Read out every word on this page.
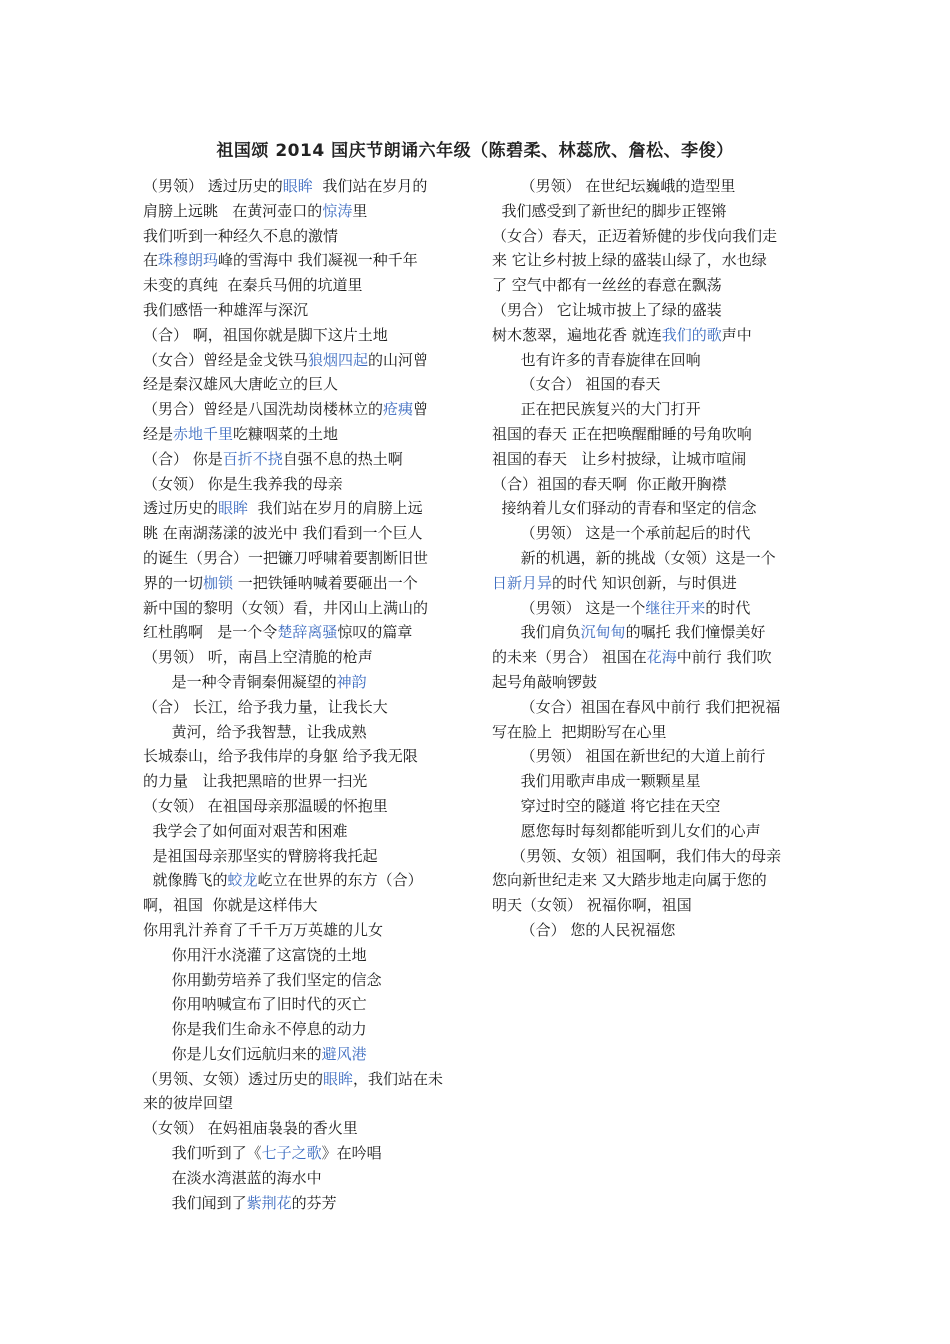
祖国颂 2014 国庆节朗诵六年级（陈碧柔、林蕊欣、詹松、李俊）
（男领） 透过历史的眼眸  我们站在岁月的
肩膀上远眺   在黄河壶口的惊涛里
我们听到一种经久不息的激情
在珠穆朗玛峰的雪海中 我们凝视一种千年
未变的真纯  在秦兵马佣的坑道里
我们感悟一种雄浑与深沉
（合） 啊，祖国你就是脚下这片土地
（女合）曾经是金戈铁马狼烟四起的山河曾
经是秦汉雄风大唐屹立的巨人
（男合）曾经是八国洗劫岗楼林立的疮痍曾
经是赤地千里吃糠咽菜的土地
（合） 你是百折不挠自强不息的热土啊
（女领） 你是生我养我的母亲
透过历史的眼眸  我们站在岁月的肩膀上远
眺 在南湖荡漾的波光中 我们看到一个巨人
的诞生（男合）一把镰刀呼啸着要割断旧世
界的一切枷锁 一把铁锤呐喊着要砸出一个
新中国的黎明（女领）看，井冈山上满山的
红杜鹃啊   是一个令楚辞离骚惊叹的篇章
（男领） 听，南昌上空清脆的枪声
是一种令青铜秦佣凝望的神韵
（合） 长江，给予我力量，让我长大
黄河，给予我智慧，让我成熟
长城泰山，给予我伟岸的身躯 给予我无限
的力量   让我把黑暗的世界一扫光
（女领） 在祖国母亲那温暖的怀抱里
我学会了如何面对艰苦和困难
是祖国母亲那坚实的臂膀将我托起
就像腾飞的蛟龙屹立在世界的东方（合）
啊，祖国  你就是这样伟大
你用乳汁养育了千千万万英雄的儿女
你用汗水浇灌了这富饶的土地
你用勤劳培养了我们坚定的信念
你用呐喊宣布了旧时代的灭亡
你是我们生命永不停息的动力
你是儿女们远航归来的避风港
（男领、女领）透过历史的眼眸，我们站在未
来的彼岸回望
（女领） 在妈祖庙袅袅的香火里
我们听到了《七子之歌》在吟唱
在淡水湾湛蓝的海水中
我们闻到了紫荆花的芬芳
（男领） 在世纪坛巍峨的造型里
我们感受到了新世纪的脚步正铿锵
（女合）春天，正迈着矫健的步伐向我们走
来 它让乡村披上绿的盛装山绿了，水也绿
了 空气中都有一丝丝的春意在飘荡
（男合） 它让城市披上了绿的盛装
树木葱翠，遍地花香 就连我们的歌声中
也有许多的青春旋律在回响
（女合） 祖国的春天
正在把民族复兴的大门打开
祖国的春天 正在把唤醒酣睡的号角吹响
祖国的春天   让乡村披绿，让城市喧闹
（合）祖国的春天啊  你正敞开胸襟
接纳着儿女们驿动的青春和坚定的信念
（男领） 这是一个承前起后的时代
新的机遇，新的挑战（女领）这是一个
日新月异的时代 知识创新，与时俱进
（男领） 这是一个继往开来的时代
我们肩负沉甸甸的嘱托 我们憧憬美好
的未来（男合） 祖国在花海中前行 我们吹
起号角敲响锣鼓
（女合）祖国在春风中前行 我们把祝福
写在脸上  把期盼写在心里
（男领） 祖国在新世纪的大道上前行
我们用歌声串成一颗颗星星
穿过时空的隧道 将它挂在天空
愿您每时每刻都能听到儿女们的心声
（男领、女领）祖国啊，我们伟大的母亲
您向新世纪走来 又大踏步地走向属于您的
明天（女领） 祝福你啊，祖国
（合） 您的人民祝福您
